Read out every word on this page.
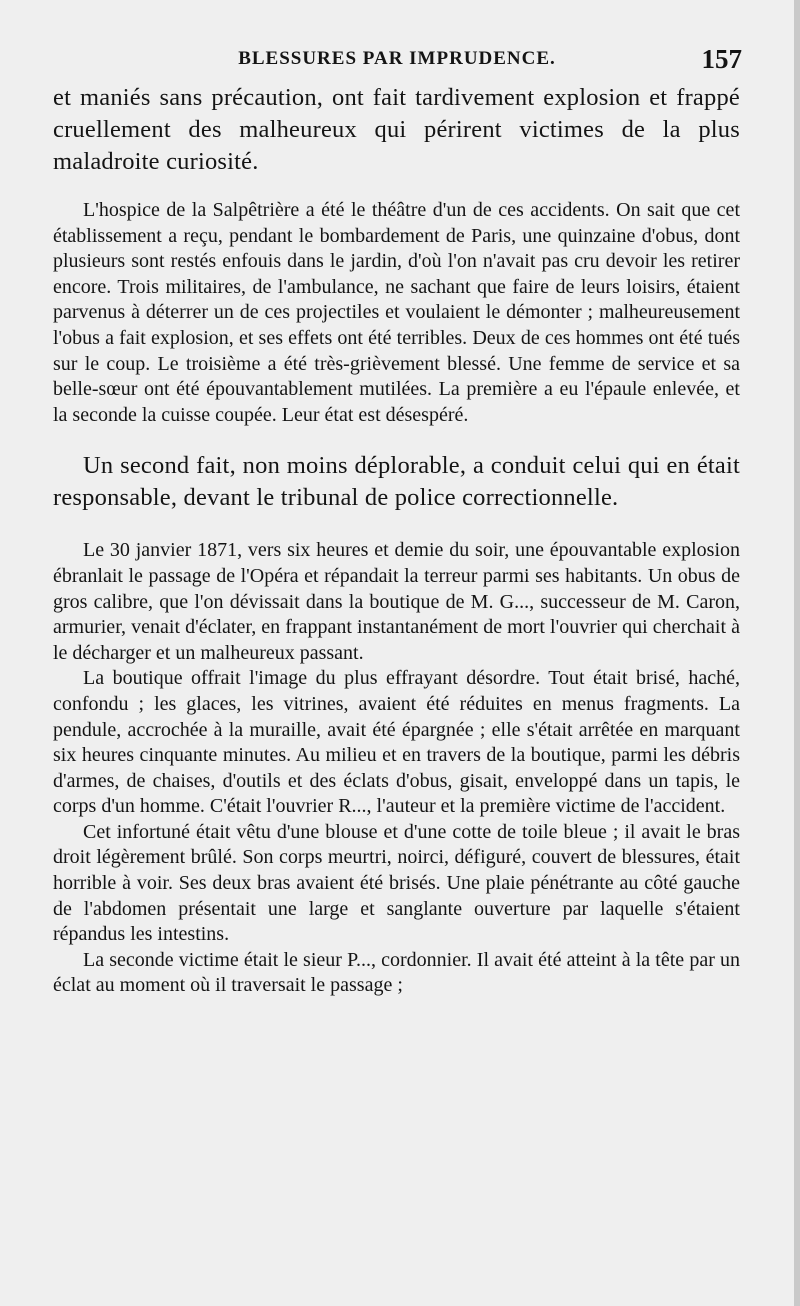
BLESSURES PAR IMPRUDENCE.	157

et maniés sans précaution, ont fait tardivement explosion et frappé cruellement des malheureux qui périrent victimes de la plus maladroite curiosité.

L'hospice de la Salpêtrière a été le théâtre d'un de ces accidents. On sait que cet établissement a reçu, pendant le bombardement de Paris, une quinzaine d'obus, dont plusieurs sont restés enfouis dans le jardin, d'où l'on n'avait pas cru devoir les retirer encore. Trois militaires, de l'ambulance, ne sachant que faire de leurs loisirs, étaient parvenus à déterrer un de ces projectiles et voulaient le démonter ; malheureusement l'obus a fait explosion, et ses effets ont été terribles. Deux de ces hommes ont été tués sur le coup. Le troisième a été très-grièvement blessé. Une femme de service et sa belle-sœur ont été épouvantablement mutilées. La première a eu l'épaule enlevée, et la seconde la cuisse coupée. Leur état est désespéré.

Un second fait, non moins déplorable, a conduit celui qui en était responsable, devant le tribunal de police correctionnelle.

Le 30 janvier 1871, vers six heures et demie du soir, une épouvantable explosion ébranlait le passage de l'Opéra et répandait la terreur parmi ses habitants. Un obus de gros calibre, que l'on dévissait dans la boutique de M. G..., successeur de M. Caron, armurier, venait d'éclater, en frappant instantanément de mort l'ouvrier qui cherchait à le décharger et un malheureux passant.

La boutique offrait l'image du plus effrayant désordre. Tout était brisé, haché, confondu ; les glaces, les vitrines, avaient été réduites en menus fragments. La pendule, accrochée à la muraille, avait été épargnée ; elle s'était arrêtée en marquant six heures cinquante minutes. Au milieu et en travers de la boutique, parmi les débris d'armes, de chaises, d'outils et des éclats d'obus, gisait, enveloppé dans un tapis, le corps d'un homme. C'était l'ouvrier R..., l'auteur et la première victime de l'accident.

Cet infortuné était vêtu d'une blouse et d'une cotte de toile bleue ; il avait le bras droit légèrement brûlé. Son corps meurtri, noirci, défiguré, couvert de blessures, était horrible à voir. Ses deux bras avaient été brisés. Une plaie pénétrante au côté gauche de l'abdomen présentait une large et sanglante ouverture par laquelle s'étaient répandus les intestins.

La seconde victime était le sieur P..., cordonnier. Il avait été atteint à la tête par un éclat au moment où il traversait le passage ;
